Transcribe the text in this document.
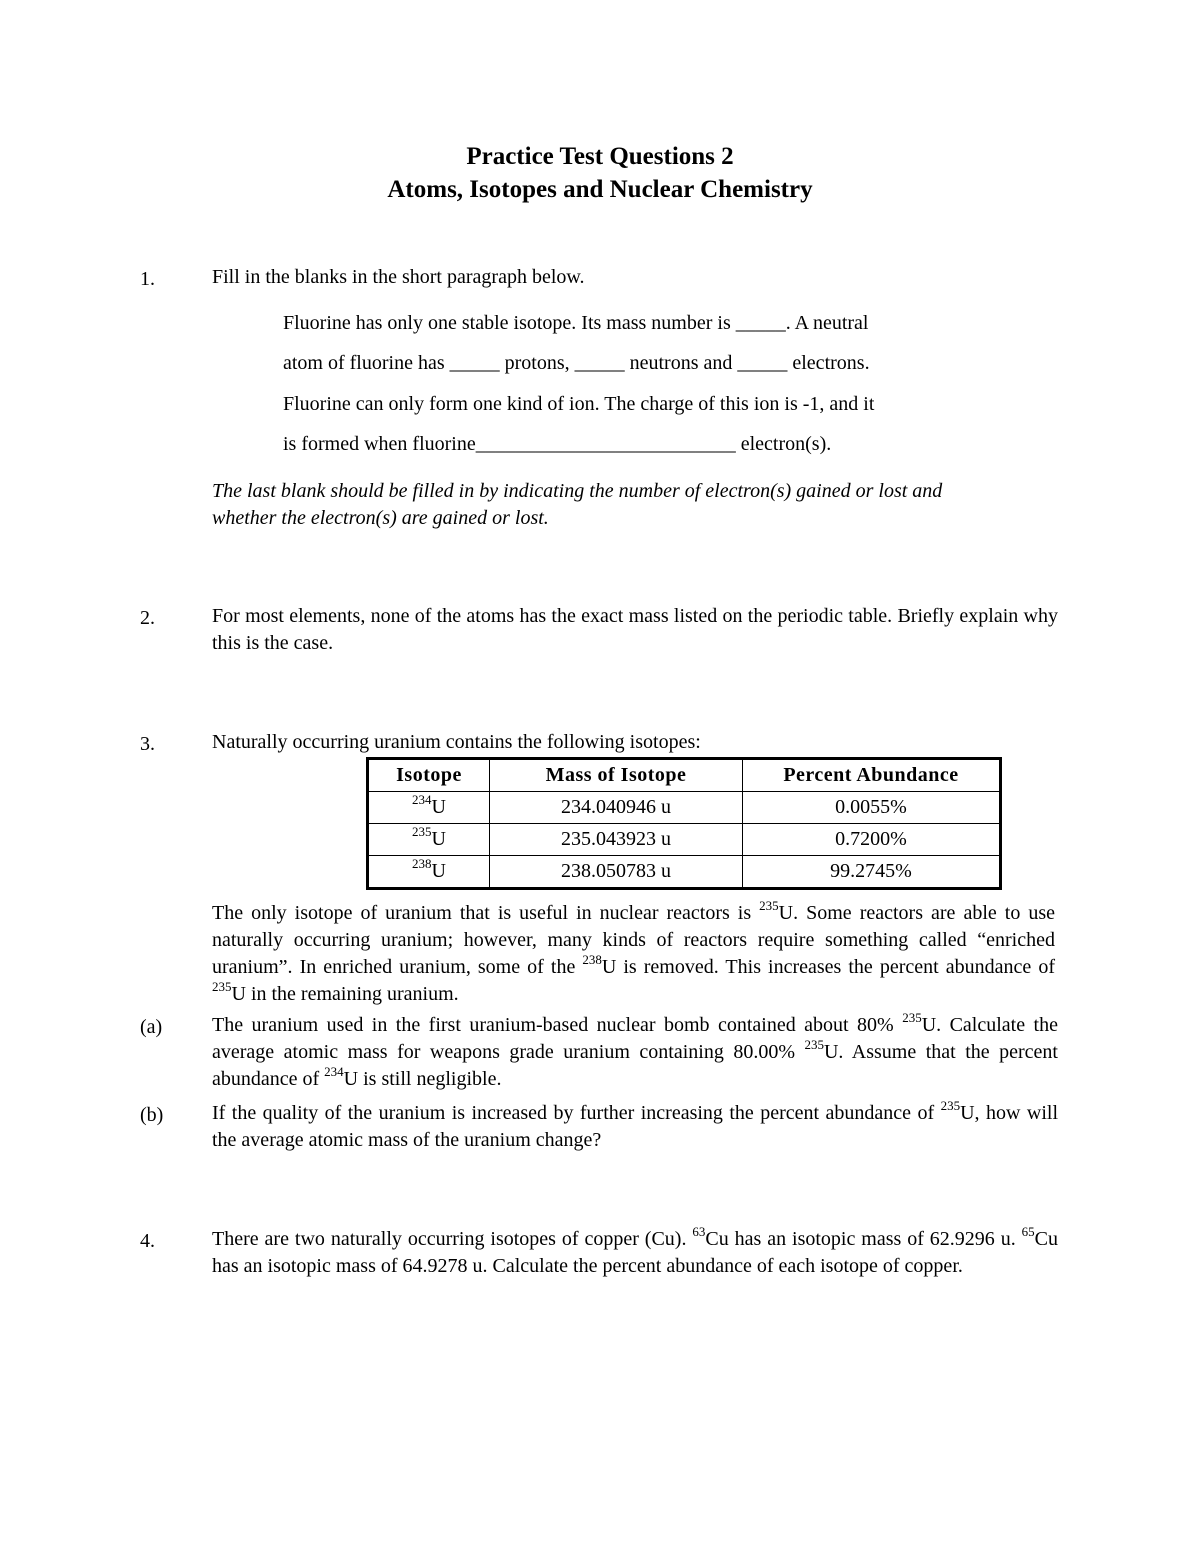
Practice Test Questions 2
Atoms, Isotopes and Nuclear Chemistry
1.	Fill in the blanks in the short paragraph below.
Fluorine has only one stable isotope. Its mass number is _____. A neutral
atom of fluorine has _____ protons, _____ neutrons and _____ electrons.
Fluorine can only form one kind of ion. The charge of this ion is -1, and it
is formed when fluorine__________________________ electron(s).
The last blank should be filled in by indicating the number of electron(s) gained or lost and
whether the electron(s) are gained or lost.
2.	For most elements, none of the atoms has the exact mass listed on the periodic table. Briefly explain why this is the case.
3.	Naturally occurring uranium contains the following isotopes:
Isotope	Mass of Isotope	Percent Abundance
$^{234}$U	234.040946 u	0.0055%
$^{235}$U	235.043923 u	0.7200%
$^{238}$U	238.050783 u	99.2745%
The only isotope of uranium that is useful in nuclear reactors is $^{235}$U. Some reactors are able to use naturally occurring uranium; however, many kinds of reactors require something called “enriched uranium”. In enriched uranium, some of the $^{238}$U is removed. This increases the percent abundance of $^{235}$U in the remaining uranium.
(a) The uranium used in the first uranium-based nuclear bomb contained about 80% $^{235}$U. Calculate the average atomic mass for weapons grade uranium containing 80.00% $^{235}$U. Assume that the percent abundance of $^{234}$U is still negligible.
(b) If the quality of the uranium is increased by further increasing the percent abundance of $^{235}$U, how will the average atomic mass of the uranium change?
4.	There are two naturally occurring isotopes of copper (Cu). $^{63}$Cu has an isotopic mass of 62.9296 u. $^{65}$Cu has an isotopic mass of 64.9278 u. Calculate the percent abundance of each isotope of copper.
